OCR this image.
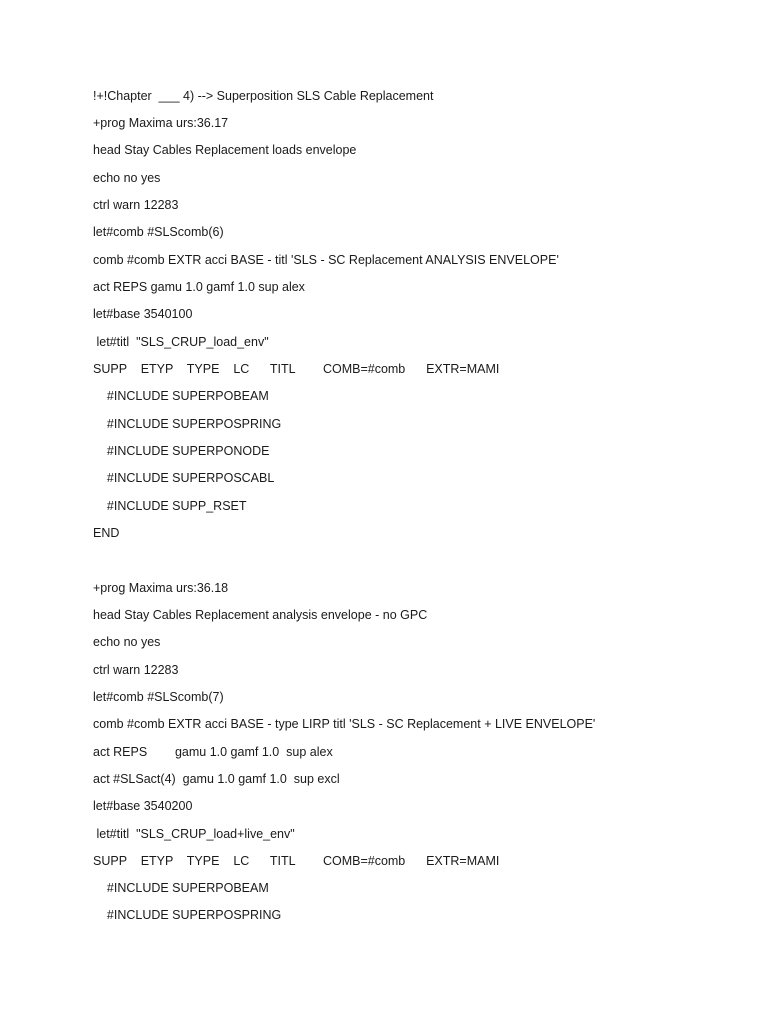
!+!Chapter  ___ 4) --> Superposition SLS Cable Replacement

+prog Maxima urs:36.17

head Stay Cables Replacement loads envelope

echo no yes

ctrl warn 12283

let#comb #SLScomb(6)

comb #comb EXTR acci BASE - titl 'SLS - SC Replacement ANALYSIS ENVELOPE'

act REPS gamu 1.0 gamf 1.0 sup alex

let#base 3540100

let#titl  "SLS_CRUP_load_env"

SUPP    ETYP    TYPE    LC      TITL        COMB=#comb      EXTR=MAMI

#INCLUDE SUPERPOBEAM

#INCLUDE SUPERPOSPRING

#INCLUDE SUPERPONODE

#INCLUDE SUPERPOSCABL

#INCLUDE SUPP_RSET

END

+prog Maxima urs:36.18

head Stay Cables Replacement analysis envelope - no GPC

echo no yes

ctrl warn 12283

let#comb #SLScomb(7)

comb #comb EXTR acci BASE - type LIRP titl 'SLS - SC Replacement + LIVE ENVELOPE'

act REPS        gamu 1.0 gamf 1.0  sup alex

act #SLSact(4)  gamu 1.0 gamf 1.0  sup excl

let#base 3540200

let#titl  "SLS_CRUP_load+live_env"

SUPP    ETYP    TYPE    LC      TITL        COMB=#comb      EXTR=MAMI

#INCLUDE SUPERPOBEAM

#INCLUDE SUPERPOSPRING
